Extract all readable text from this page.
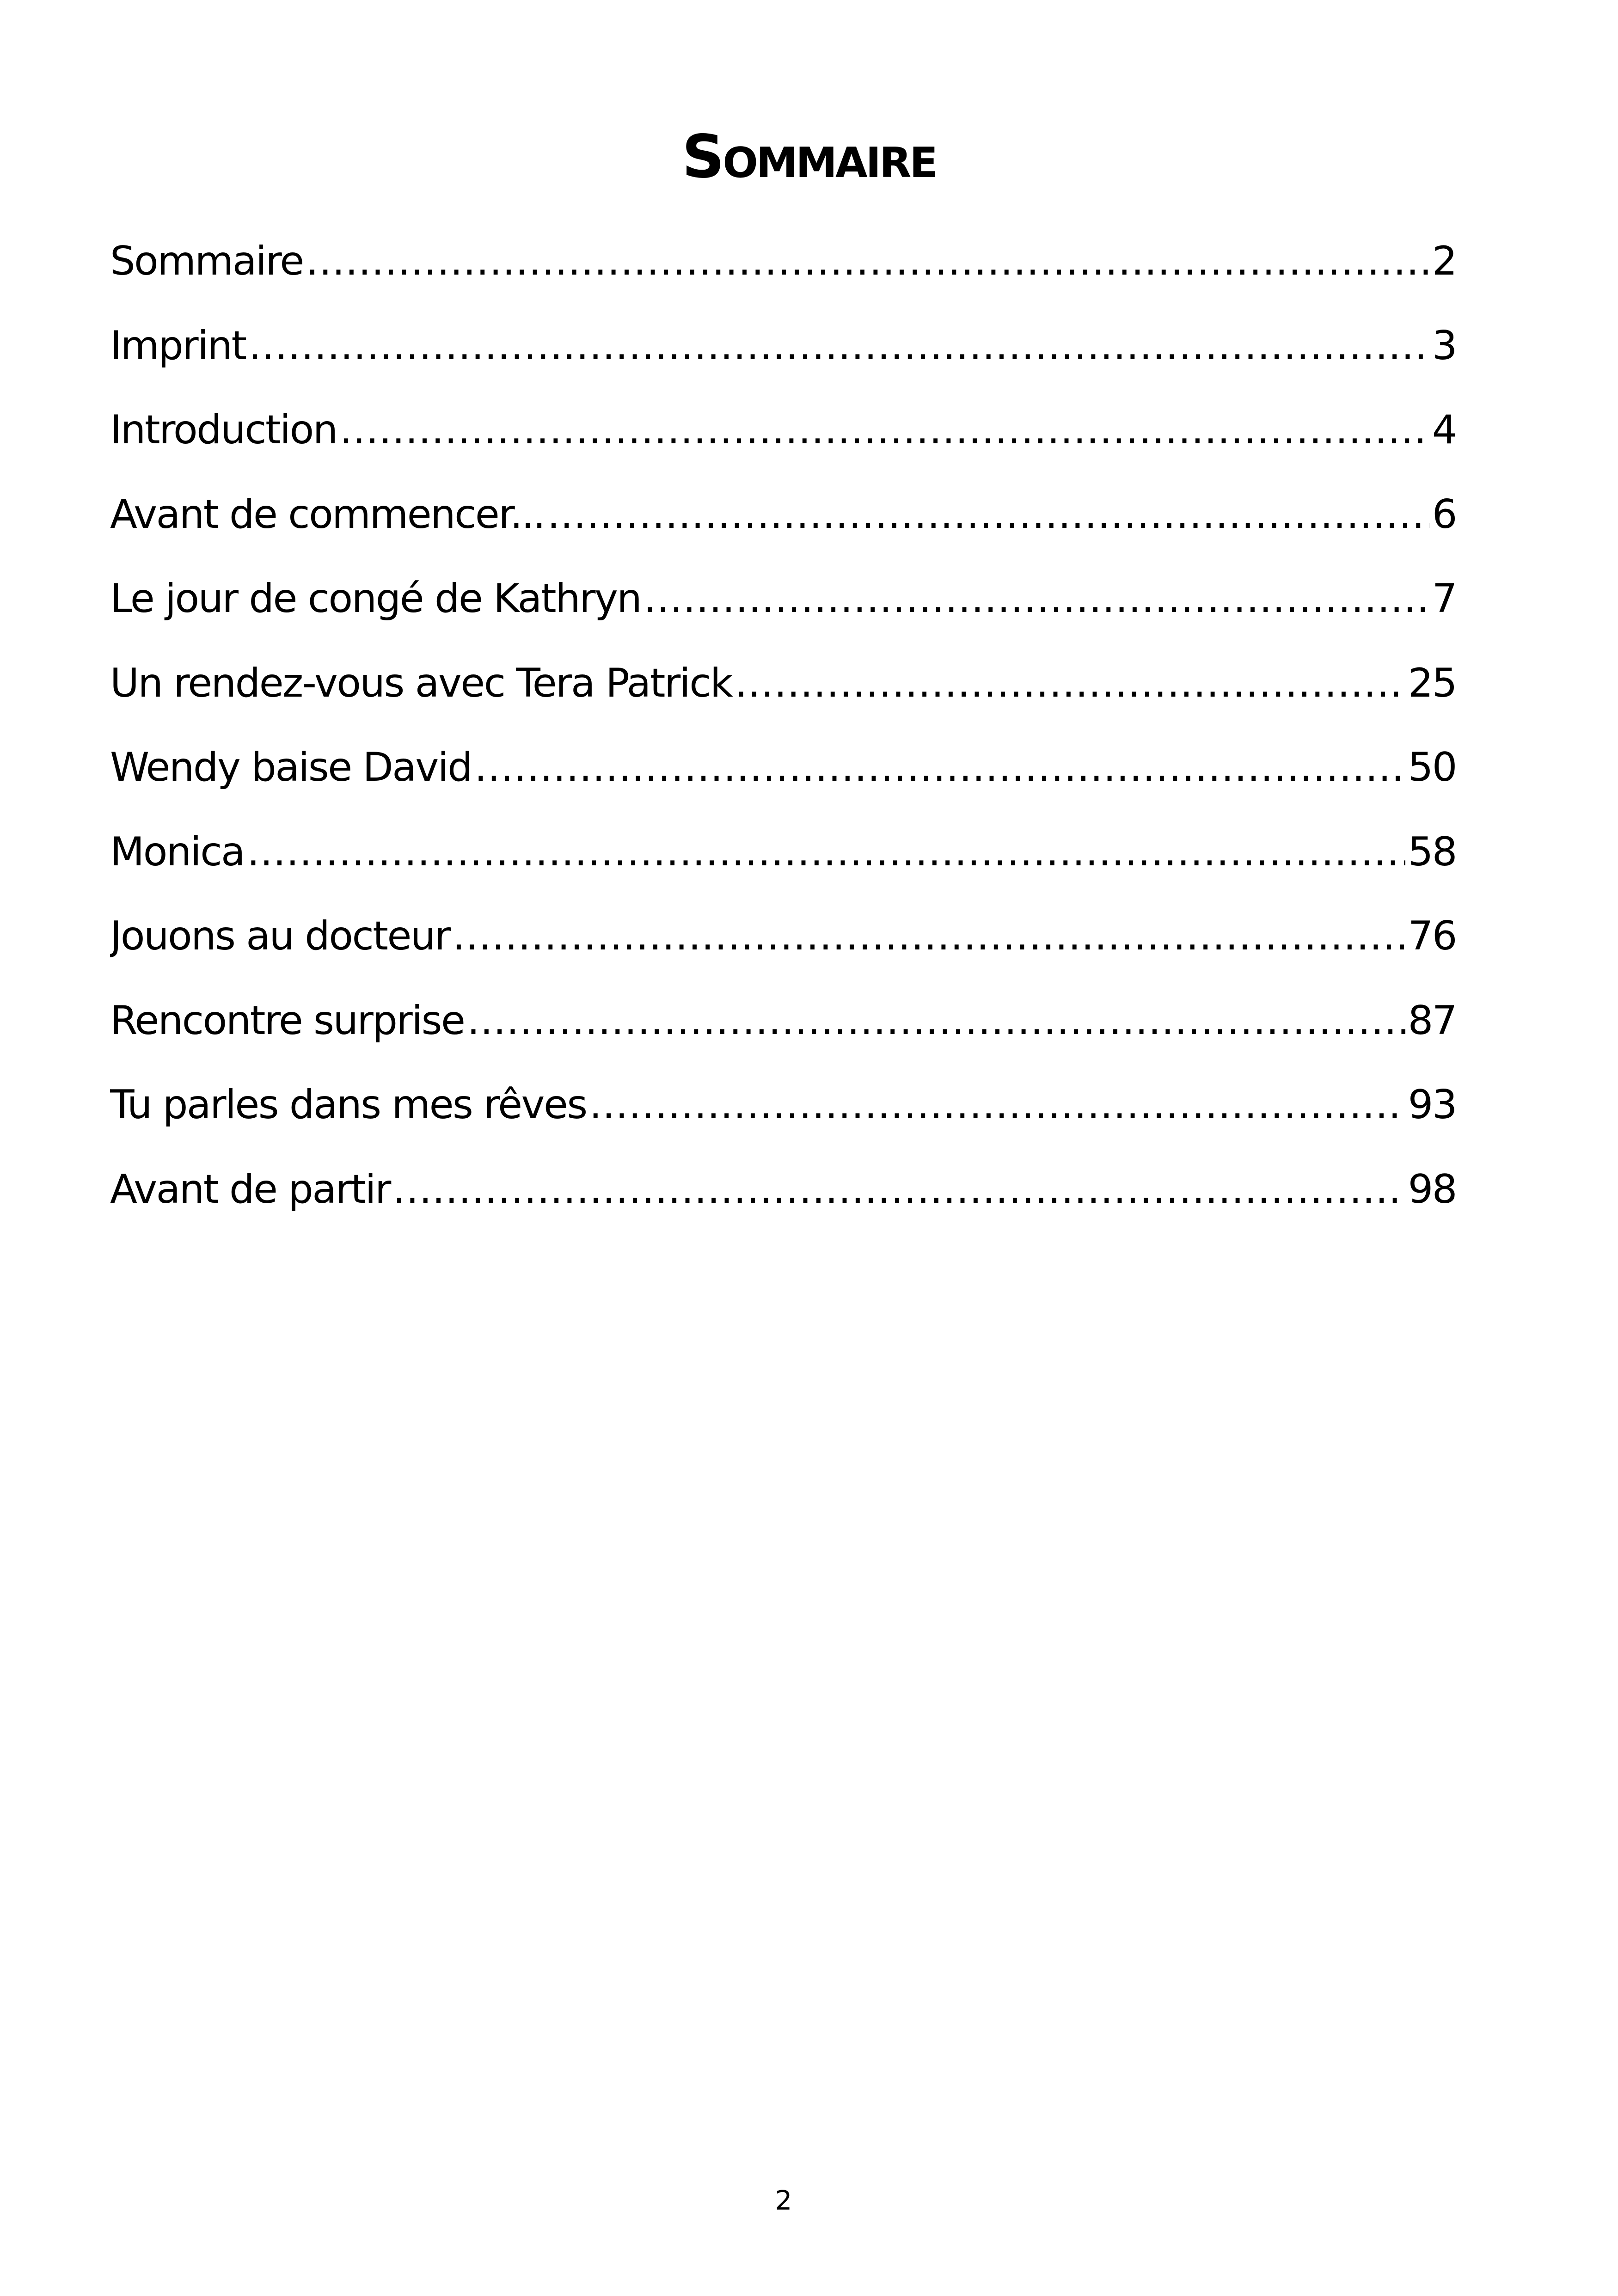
Sommaire
Sommaire .....	2
Imprint .....	3
Introduction .....	4
Avant de commencer... .....	6
Le jour de congé de Kathryn .....	7
Un rendez-vous avec Tera Patrick .....	25
Wendy baise David .....	50
Monica .....	58
Jouons au docteur .....	76
Rencontre surprise .....	87
Tu parles dans mes rêves .....	93
Avant de partir .....	98
2
